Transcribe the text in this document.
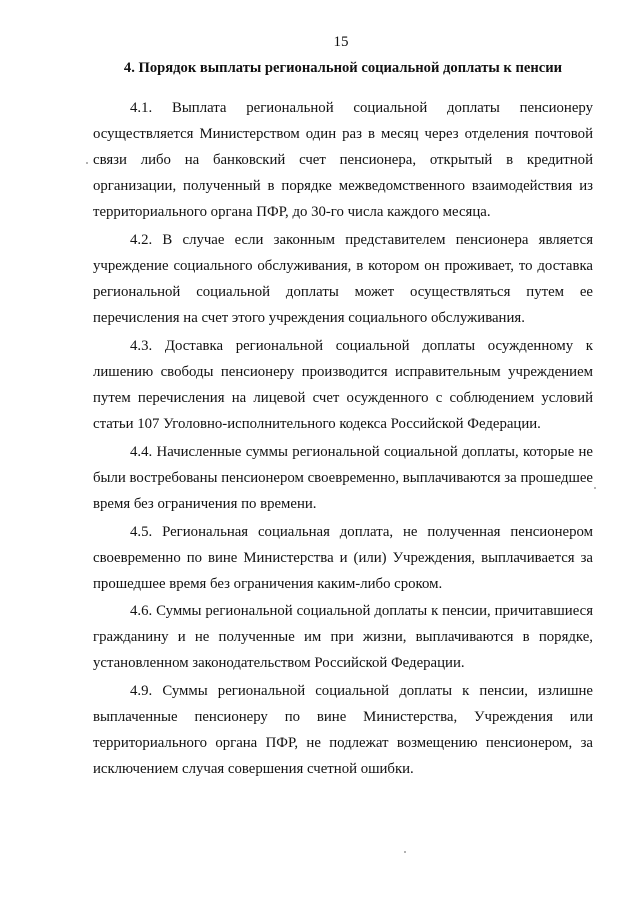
15
4. Порядок выплаты региональной социальной доплаты к пенсии

4.1. Выплата региональной социальной доплаты пенсионеру осуществляется Министерством один раз в месяц через отделения почтовой связи либо на банковский счет пенсионера, открытый в кредитной организации, полученный в порядке межведомственного взаимодействия из территориального органа ПФР, до 30-го числа каждого месяца.

4.2. В случае если законным представителем пенсионера является учреждение социального обслуживания, в котором он проживает, то доставка региональной социальной доплаты может осуществляться путем ее перечисления на счет этого учреждения социального обслуживания.

4.3. Доставка региональной социальной доплаты осужденному к лишению свободы пенсионеру производится исправительным учреждением путем перечисления на лицевой счет осужденного с соблюдением условий статьи 107 Уголовно-исполнительного кодекса Российской Федерации.

4.4. Начисленные суммы региональной социальной доплаты, которые не были востребованы пенсионером своевременно, выплачиваются за прошедшее время без ограничения по времени.

4.5. Региональная социальная доплата, не полученная пенсионером своевременно по вине Министерства и (или) Учреждения, выплачивается за прошедшее время без ограничения каким-либо сроком.

4.6. Суммы региональной социальной доплаты к пенсии, причитавшиеся гражданину и не полученные им при жизни, выплачиваются в порядке, установленном законодательством Российской Федерации.

4.9. Суммы региональной социальной доплаты к пенсии, излишне выплаченные пенсионеру по вине Министерства, Учреждения или территориального органа ПФР, не подлежат возмещению пенсионером, за исключением случая совершения счетной ошибки.
